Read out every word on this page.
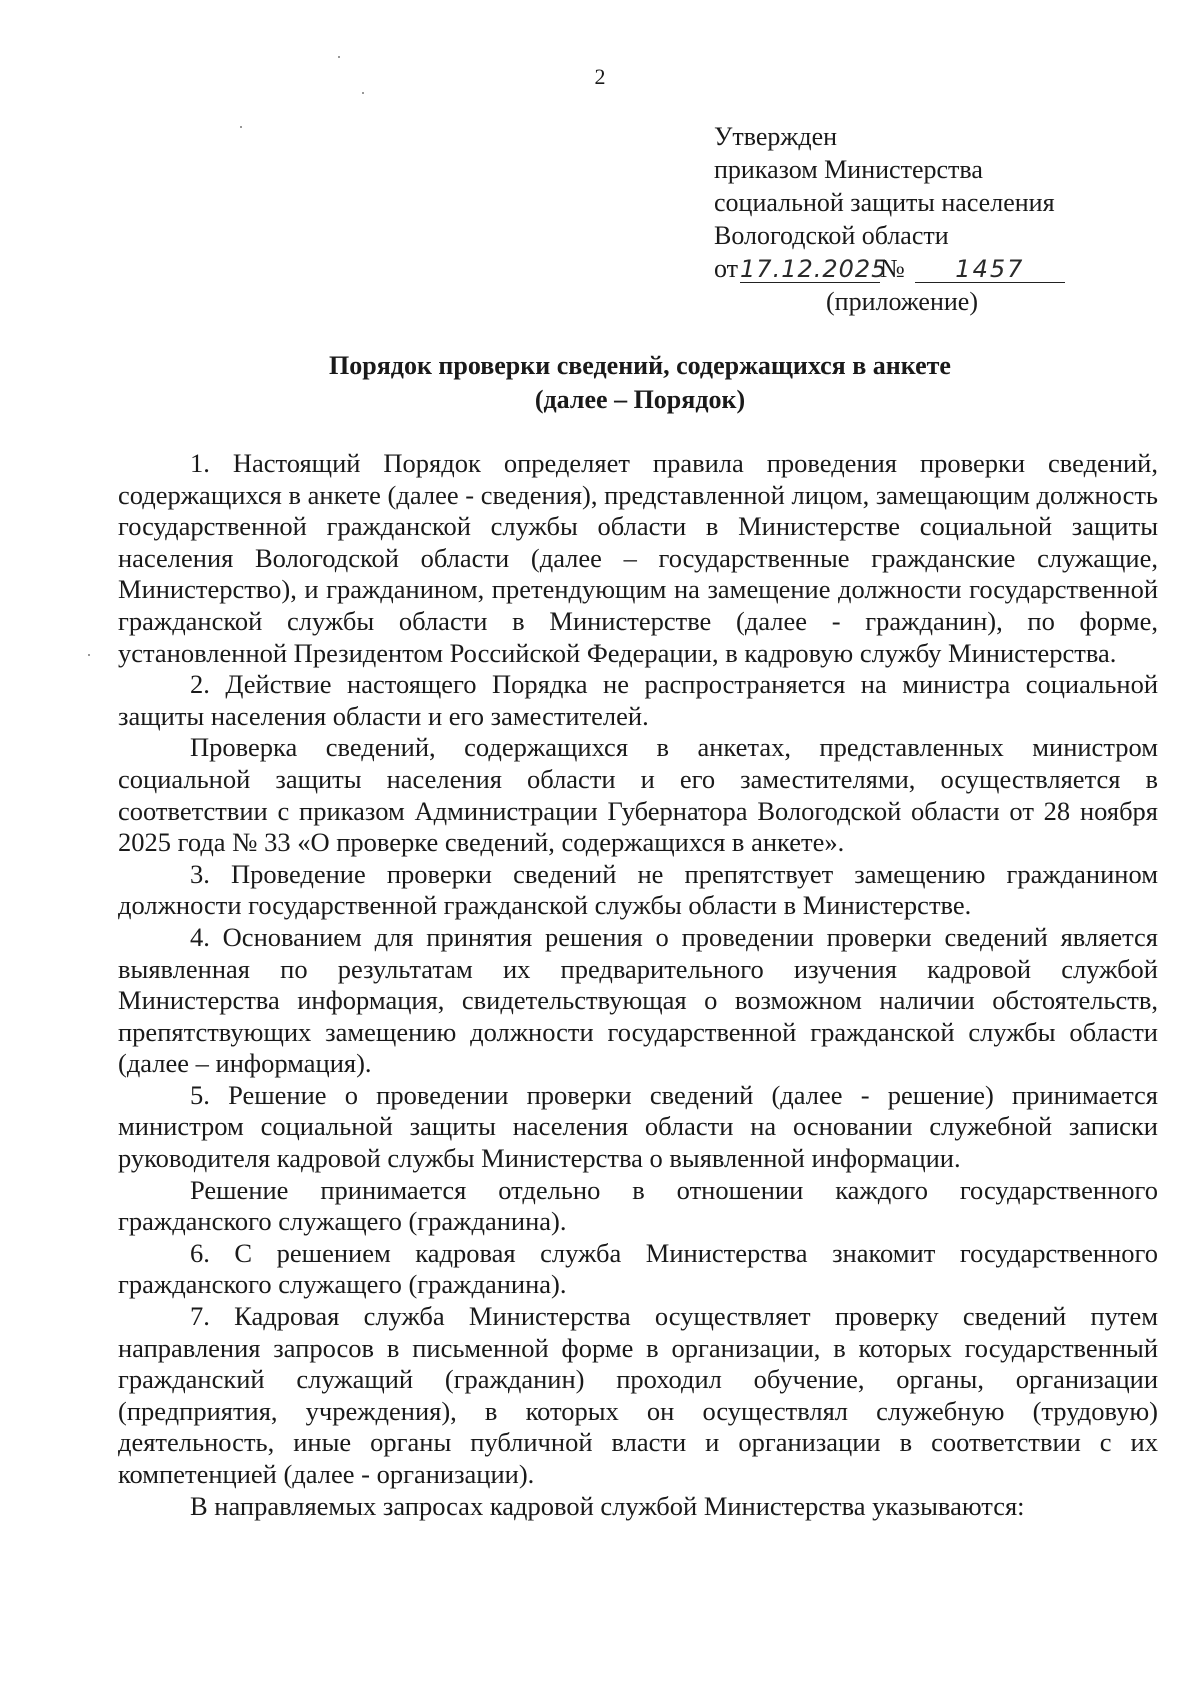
2
Утвержден
приказом Министерства
социальной защиты населения
Вологодской области
от17.12.2025№ 1457
(приложение)
Порядок проверки сведений, содержащихся в анкете
(далее – Порядок)

1. Настоящий Порядок определяет правила проведения проверки сведений, содержащихся в анкете (далее - сведения), представленной лицом, замещающим должность государственной гражданской службы области в Министерстве социальной защиты населения Вологодской области (далее – государственные гражданские служащие, Министерство), и гражданином, претендующим на замещение должности государственной гражданской службы области в Министерстве (далее - гражданин), по форме, установленной Президентом Российской Федерации, в кадровую службу Министерства.

2. Действие настоящего Порядка не распространяется на министра социальной защиты населения области и его заместителей.

Проверка сведений, содержащихся в анкетах, представленных министром социальной защиты населения области и его заместителями, осуществляется в соответствии с приказом Администрации Губернатора Вологодской области от 28 ноября 2025 года № 33 «О проверке сведений, содержащихся в анкете».

3. Проведение проверки сведений не препятствует замещению гражданином должности государственной гражданской службы области в Министерстве.

4. Основанием для принятия решения о проведении проверки сведений является выявленная по результатам их предварительного изучения кадровой службой Министерства информация, свидетельствующая о возможном наличии обстоятельств, препятствующих замещению должности государственной гражданской службы области (далее – информация).

5. Решение о проведении проверки сведений (далее - решение) принимается министром социальной защиты населения области на основании служебной записки руководителя кадровой службы Министерства о выявленной информации.

Решение принимается отдельно в отношении каждого государственного гражданского служащего (гражданина).

6. С решением кадровая служба Министерства знакомит государственного гражданского служащего (гражданина).

7. Кадровая служба Министерства осуществляет проверку сведений путем направления запросов в письменной форме в организации, в которых государственный гражданский служащий (гражданин) проходил обучение, органы, организации (предприятия, учреждения), в которых он осуществлял служебную (трудовую) деятельность, иные органы публичной власти и организации в соответствии с их компетенцией (далее - организации).

В направляемых запросах кадровой службой Министерства указываются:
